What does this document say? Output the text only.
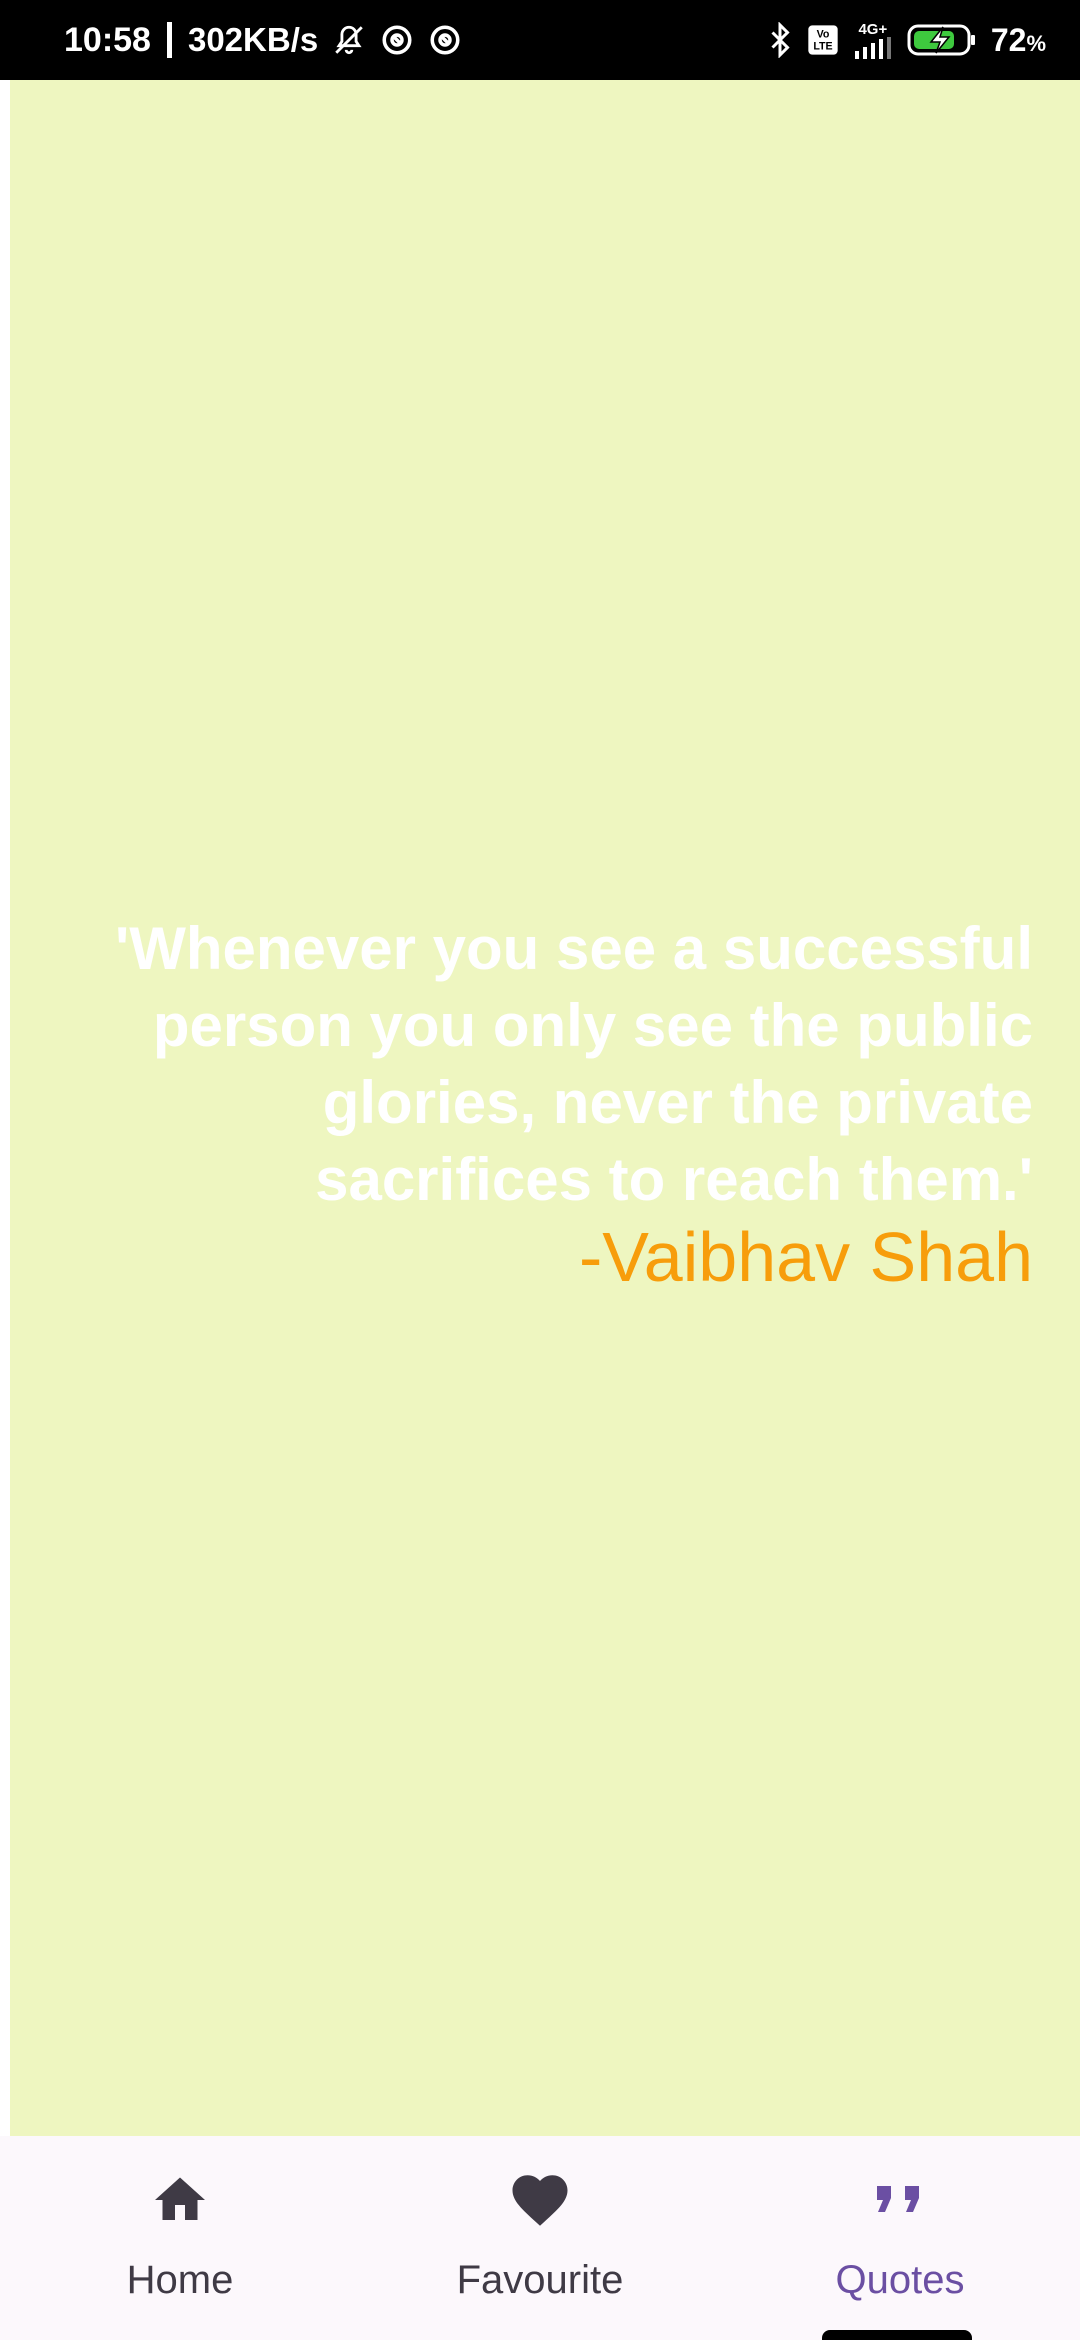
10:58 302KB/s	Vo
LTE
4G+	72%
'Whenever you see a successful person you only see the public glories, never the private sacrifices to reach them.'
-Vaibhav Shah
Home	Favourite	Quotes
